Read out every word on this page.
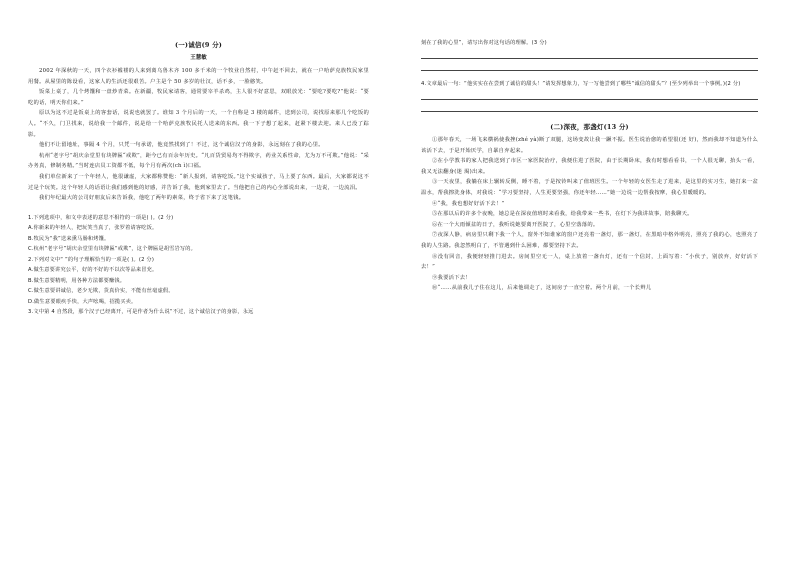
(一)诚信(9 分)
王慧敏

2002 年深秋的一天，四个衣衫褴褛的人来到离乌鲁木齐 100 多千米的一个牧业自然村，中午赶不回去，就在一户哈萨克族牧民家里用餐。从屋里的陈设看，这家人的生活还很艰苦。户主是个 50 多岁的壮汉，话不多，一脸憨笑。

饭菜上桌了，几个烤馕和一盘炒青菜。在新疆，牧民家请客，通常要宰羊杀鸡，主人很不好意思，双眼放光：“要吃?要吃?”他说：“要吃的话，明天你们来。”

原以为这不过是饭桌上的客套话，说说也就罢了。谁知 3 个月后的一天，一个自称是 3 楼的邮件，送到公司，说找原来那几个吃饭的人。“不久，门卫找来，说给我一个邮件，说是给一个哈萨克族牧民托人送来的东西。我一下子想了起来，赶紧下楼去迎。来人已没了踪影。

他们不让留地址，事隔 4 个月，只凭一句承诺，他竟然找到了！不过，这个诚信汉子的身影，永远刻在了我的心里。

杭州“老字号”胡庆余堂里有块牌匾“戒欺”，距今已有百余年历史。“凡百货贸易均不得欺字，药业关系性命，尤为万不可欺。”他说：“采办务真，修制务精。”当时连店员工资都不低，每个月有两次(ch ì)口福。

我们单位新来了一个年轻人，他很谦虚，大家都称赞他：“新人报到，请客吃饭。”这个实诚孩子，马上要了东西。最后，大家都说这不过是个玩笑。这个年轻人的话语让我们感到他的好感，并告诉了我，他到家里去了。当他把自己的内心全部说出来，一边说，一边流泪。

我们年纪最大的公司好朋友后来告诉我，他吃了两年的素菜，终于省下来了这笔钱。

1.下列选项中，和文中表述的意思不相符的一项是( )。(2 分)

A.你新来的年轻人，把玩笑当真了，张罗着请客吃饭。

B.牧民为“我”送来熏马肠和烤馕。

C.杭州“老字号”胡庆余堂里有块牌匾“戒欺”，这个牌匾是胡雪岩写的。

2.下列对文中“ ”的句子理解恰当的一项是( )。(2 分)

A.做生意要讲究公平，好的不好的不以次等品来冒充。

B.做生意要精明，用各种方法都要赚钱。

C.做生意要讲诚信，老少无欺，货真价实，不能有丝毫虚假。

D.做生意要眼疾手快，大声吆喝，招揽买卖。

3.文中第 4 自然段，那个汉子已经离开，可是作者为什么说“不过，这个诚信汉子的身影，永远

刻在了我的心里”，请写出你对这句话的理解。(3 分)

4.文章最后一句：“他实实在在尝到了诚信的甜头！”请发挥想象力，写一写他尝到了哪些“诚信的甜头”？(至少列举出一个事例。)(2 分)

(二)深夜，那盏灯(13 分)

①那年春天，一场飞来横祸使我挫(zhé yà)断了双腿，这场变故让我一蹶不振。医生说治愈的希望很(还 好)，然而我却不知道为什么该活下去，于是开始厌学，自暴自弃起来。

②在小学教书的家人把我送到了市区一家医院治疗，我便住进了医院，由于长期卧床，我有时想看看书，一个人很无聊，抬头一看，我又无法翻身(迷 渴)出来。

③一天夜里，我躺在床上辗转反侧，睡不着，于是按铃叫来了值班医生。一个年轻的女医生走了进来，是这里的实习生，她打来一盆温水，帮我擦洗身体，对我说：“学习要坚持，人生更要坚强，你还年轻……”她一边说一边帮我按摩，我心里暖暖的。

④“我，我也想好好活下去！”

⑤在那以后的许多个夜晚，她总是在深夜值班时来看我，给我带来一些书，在灯下为我讲故事，陪我聊天。

⑥在一个大雨倾盆的日子，我听说她要离开医院了，心里空落落的。

⑦夜深人静，病房里只剩下我一个人，窗外不知谁家的窗户还亮着一盏灯，那一盏灯，在黑暗中格外明亮，照亮了我的心，也照亮了我的人生路。我忽然明白了，不管遇到什么困难，都要坚持下去。

⑧没有回音，我便轻轻推门进去。房间里空无一人，桌上放着一盏台灯，还有一个信封，上面写着：“小伙子，别放弃，好好活下去！”

⑨我要活下去！

⑩“……从前我儿子住在这儿，后来他调走了，这间房子一直空着。两个月前，一个长辫儿
